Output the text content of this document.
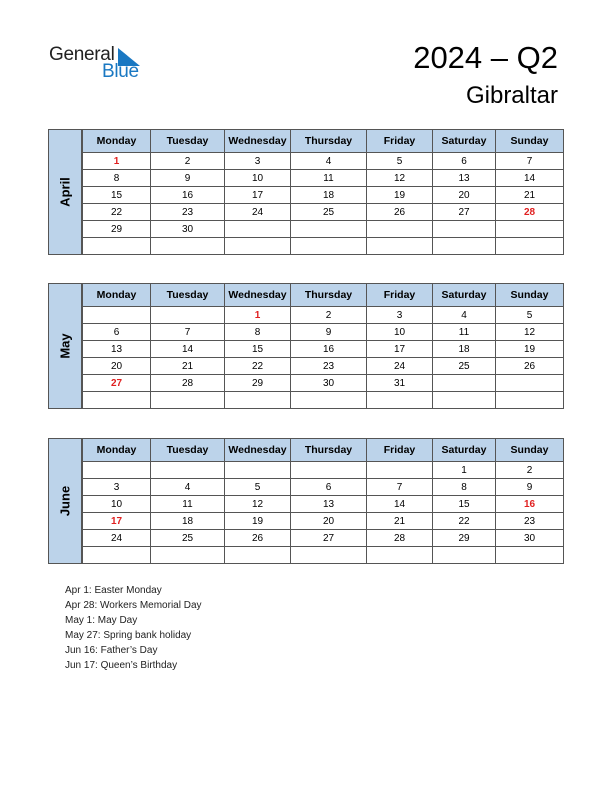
General
Blue	2024 – Q2
Gibraltar
April
Monday	Tuesday	Wednesday	Thursday	Friday	Saturday	Sunday
1	2	3	4	5	6	7
8	9	10	11	12	13	14
15	16	17	18	19	20	21
22	23	24	25	26	27	28
29	30					

May
Monday	Tuesday	Wednesday	Thursday	Friday	Saturday	Sunday
		1	2	3	4	5
6	7	8	9	10	11	12
13	14	15	16	17	18	19
20	21	22	23	24	25	26
27	28	29	30	31		

June
Monday	Tuesday	Wednesday	Thursday	Friday	Saturday	Sunday
					1	2
3	4	5	6	7	8	9
10	11	12	13	14	15	16
17	18	19	20	21	22	23
24	25	26	27	28	29	30

Apr 1: Easter Monday
Apr 28: Workers Memorial Day
May 1: May Day
May 27: Spring bank holiday
Jun 16: Father’s Day
Jun 17: Queen’s Birthday
